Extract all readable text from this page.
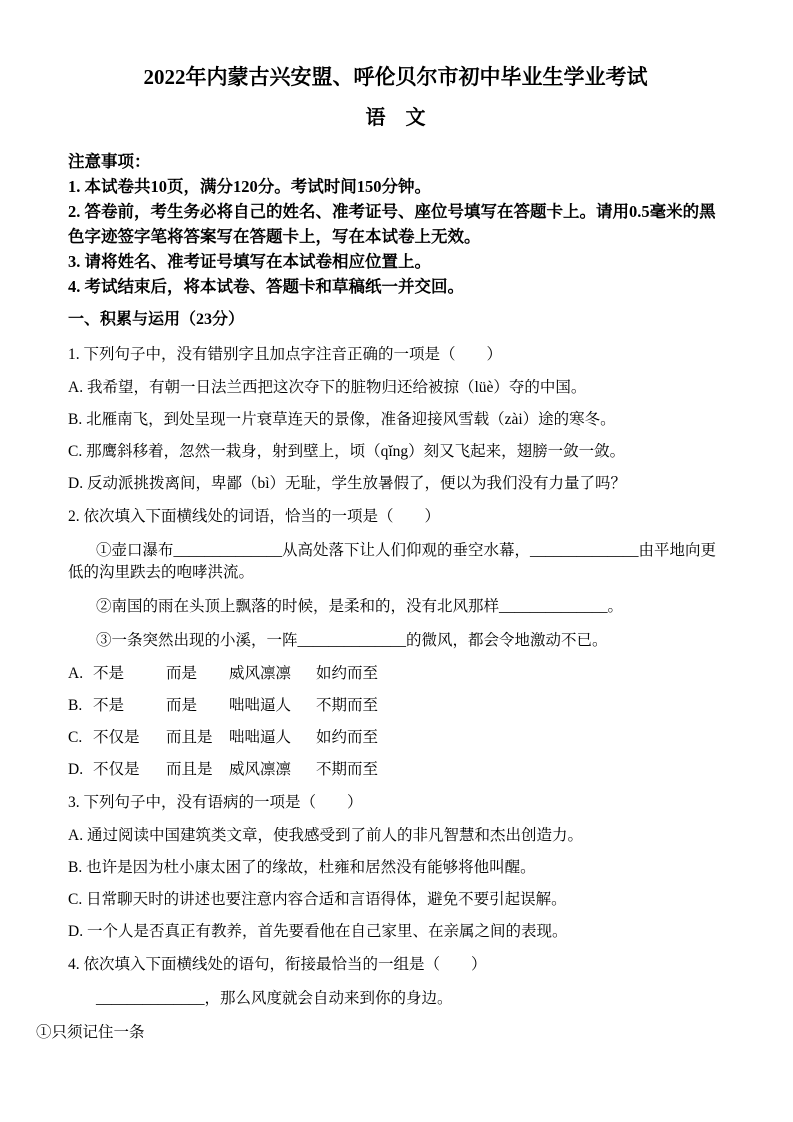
2022年内蒙古兴安盟、呼伦贝尔市初中毕业生学业考试
语　文

注意事项：

1. 本试卷共10页，满分120分。考试时间150分钟。

2. 答卷前，考生务必将自己的姓名、准考证号、座位号填写在答题卡上。请用0.5毫米的黑色字迹签字笔将答案写在答题卡上，写在本试卷上无效。

3. 请将姓名、准考证号填写在本试卷相应位置上。

4. 考试结束后，将本试卷、答题卡和草稿纸一并交回。

一、积累与运用（23分）

1. 下列句子中，没有错别字且加点字注音正确的一项是（　　）

A. 我希望，有朝一日法兰西把这次夺下的脏物归还给被掠（lüè）夺的中国。

B. 北雁南飞，到处呈现一片衰草连天的景像，准备迎接风雪载（zài）途的寒冬。

C. 那鹰斜移着，忽然一栽身，射到壁上，顷（qǐng）刻又飞起来，翅膀一敛一敛。

D. 反动派挑拨离间，卑鄙（bì）无耻，学生放暑假了，便以为我们没有力量了吗？

2. 依次填入下面横线处的词语，恰当的一项是（　　）

①壶口瀑布______________从高处落下让人们仰观的垂空水幕，______________由平地向更低的沟里跌去的咆哮洪流。

②南国的雨在头顶上飘落的时候，是柔和的，没有北风那样______________。

③一条突然出现的小溪，一阵______________的微风，都会令地激动不已。

A. 不是	而是	威风凛凛	如约而至
B. 不是	而是	咄咄逼人	不期而至
C. 不仅是	而且是	咄咄逼人	如约而至
D. 不仅是	而且是	威风凛凛	不期而至

3. 下列句子中，没有语病的一项是（　　）

A. 通过阅读中国建筑类文章，使我感受到了前人的非凡智慧和杰出创造力。

B. 也许是因为杜小康太困了的缘故，杜雍和居然没有能够将他叫醒。

C. 日常聊天时的讲述也要注意内容合适和言语得体，避免不要引起误解。

D. 一个人是否真正有教养，首先要看他在自己家里、在亲属之间的表现。

4. 依次填入下面横线处的语句，衔接最恰当的一组是（　　）

______________，那么风度就会自动来到你的身边。

①只须记住一条
